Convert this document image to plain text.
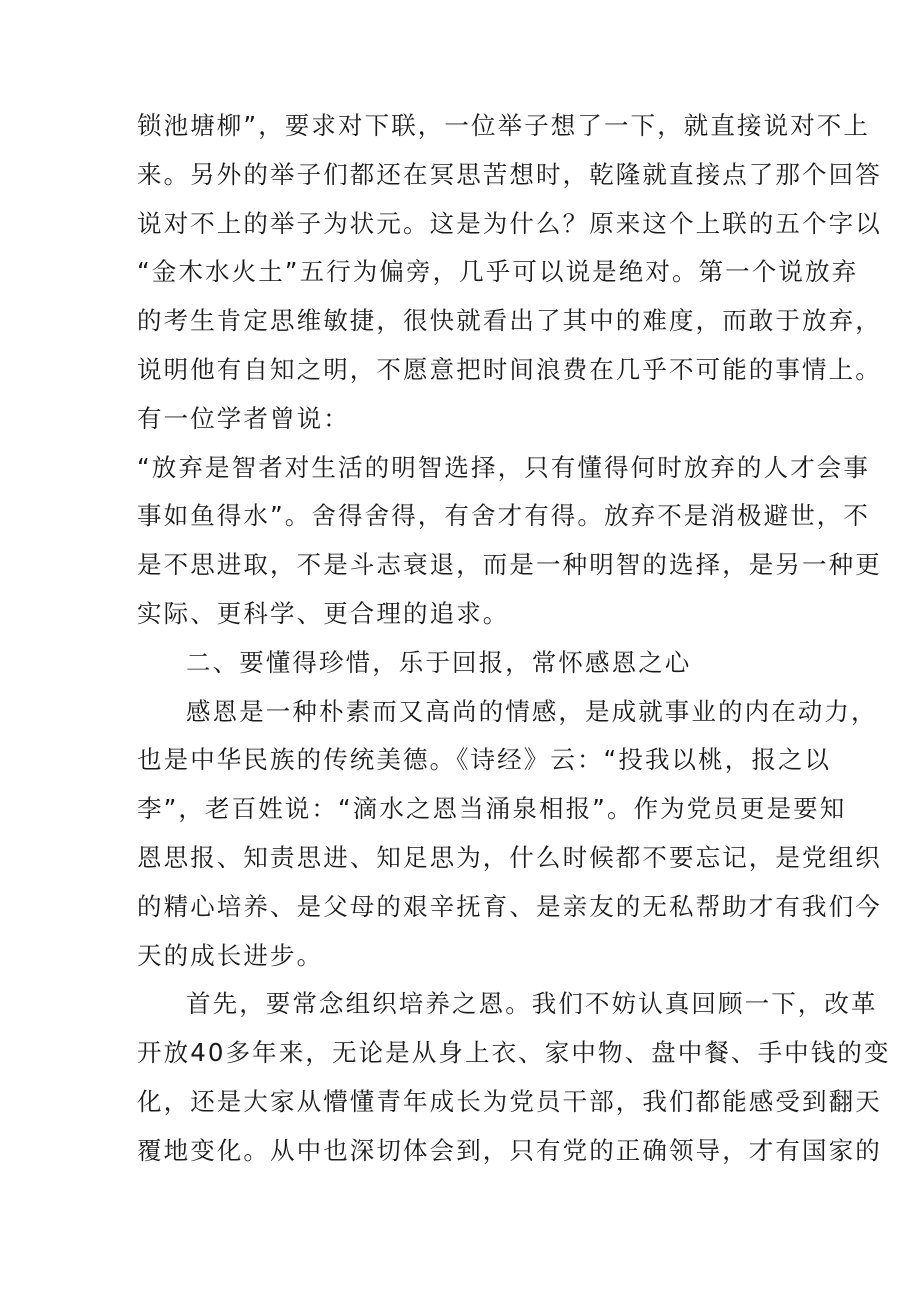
锁池塘柳”，要求对下联，一位举子想了一下，就直接说对不上
来。另外的举子们都还在冥思苦想时，乾隆就直接点了那个回答
说对不上的举子为状元。这是为什么？原来这个上联的五个字以
“金木水火土”五行为偏旁，几乎可以说是绝对。第一个说放弃
的考生肯定思维敏捷，很快就看出了其中的难度，而敢于放弃，
说明他有自知之明，不愿意把时间浪费在几乎不可能的事情上。
有一位学者曾说：
“放弃是智者对生活的明智选择，只有懂得何时放弃的人才会事
事如鱼得水”。舍得舍得，有舍才有得。放弃不是消极避世，不
是不思进取，不是斗志衰退，而是一种明智的选择，是另一种更
实际、更科学、更合理的追求。
二、要懂得珍惜，乐于回报，常怀感恩之心
感恩是一种朴素而又高尚的情感，是成就事业的内在动力，
也是中华民族的传统美德。《诗经》云：“投我以桃，报之以
李”，老百姓说：“滴水之恩当涌泉相报”。作为党员更是要知
恩思报、知责思进、知足思为，什么时候都不要忘记，是党组织
的精心培养、是父母的艰辛抚育、是亲友的无私帮助才有我们今
天的成长进步。
首先，要常念组织培养之恩。我们不妨认真回顾一下，改革
开放40多年来，无论是从身上衣、家中物、盘中餐、手中钱的变
化，还是大家从懵懂青年成长为党员干部，我们都能感受到翻天
覆地变化。从中也深切体会到，只有党的正确领导，才有国家的
